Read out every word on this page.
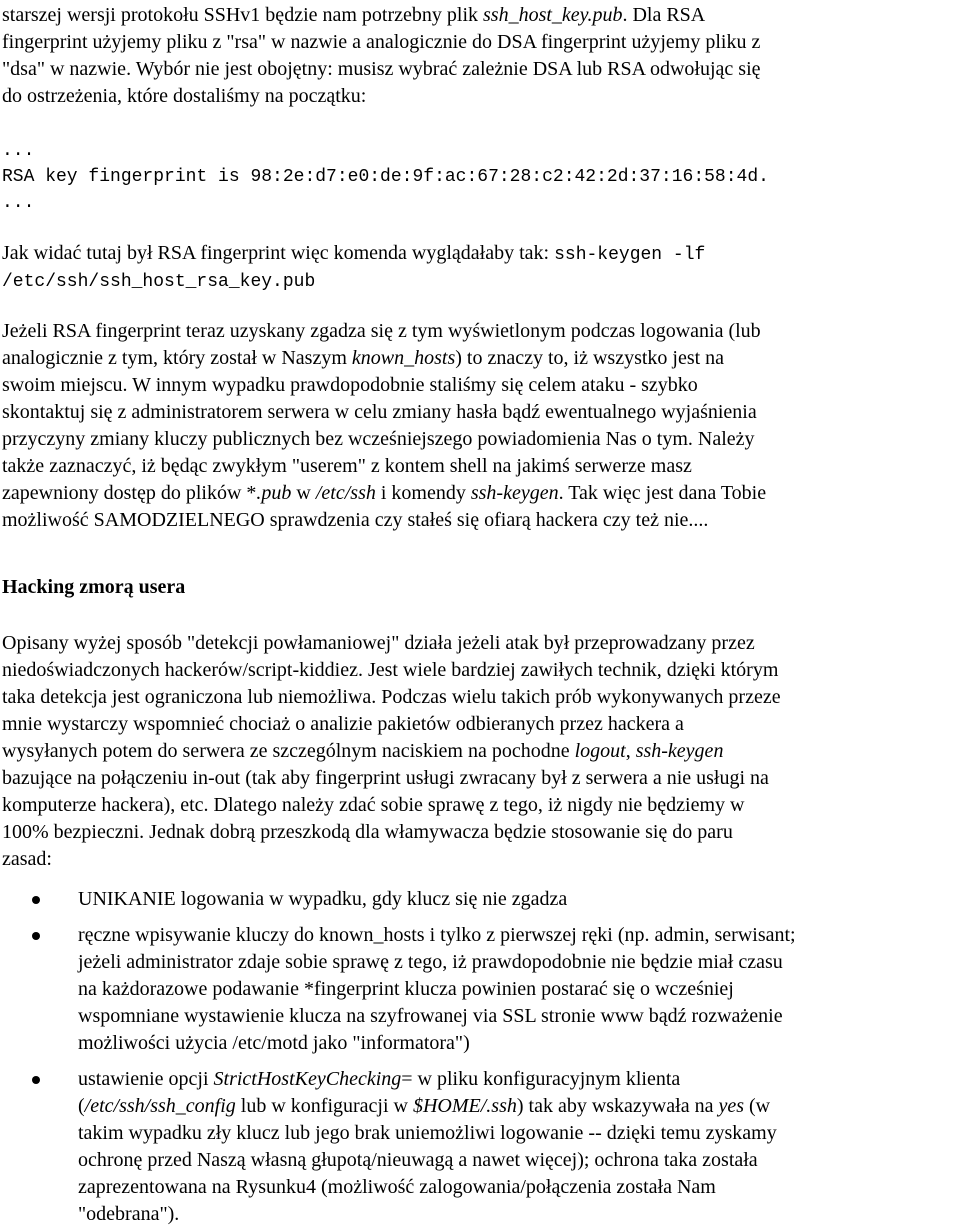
starszej wersji protokołu SSHv1 będzie nam potrzebny plik ssh_host_key.pub. Dla RSA
fingerprint użyjemy pliku z "rsa" w nazwie a analogicznie do DSA fingerprint użyjemy pliku z
"dsa" w nazwie. Wybór nie jest obojętny: musisz wybrać zależnie DSA lub RSA odwołując się
do ostrzeżenia, które dostaliśmy na początku:
...
RSA key fingerprint is 98:2e:d7:e0:de:9f:ac:67:28:c2:42:2d:37:16:58:4d.
...
Jak widać tutaj był RSA fingerprint więc komenda wyglądałaby tak: ssh-keygen -lf
/etc/ssh/ssh_host_rsa_key.pub
Jeżeli RSA fingerprint teraz uzyskany zgadza się z tym wyświetlonym podczas logowania (lub
analogicznie z tym, który został w Naszym known_hosts) to znaczy to, iż wszystko jest na
swoim miejscu. W innym wypadku prawdopodobnie staliśmy się celem ataku - szybko
skontaktuj się z administratorem serwera w celu zmiany hasła bądź ewentualnego wyjaśnienia
przyczyny zmiany kluczy publicznych bez wcześniejszego powiadomienia Nas o tym. Należy
także zaznaczyć, iż będąc zwykłym "userem" z kontem shell na jakimś serwerze masz
zapewniony dostęp do plików *.pub w /etc/ssh i komendy ssh-keygen. Tak więc jest dana Tobie
możliwość SAMODZIELNEGO sprawdzenia czy stałeś się ofiarą hackera czy też nie....
Hacking zmorą usera
Opisany wyżej sposób "detekcji powłamaniowej" działa jeżeli atak był przeprowadzany przez
niedoświadczonych hackerów/script-kiddiez. Jest wiele bardziej zawiłych technik, dzięki którym
taka detekcja jest ograniczona lub niemożliwa. Podczas wielu takich prób wykonywanych przeze
mnie wystarczy wspomnieć chociaż o analizie pakietów odbieranych przez hackera a
wysyłanych potem do serwera ze szczególnym naciskiem na pochodne logout, ssh-keygen
bazujące na połączeniu in-out (tak aby fingerprint usługi zwracany był z serwera a nie usługi na
komputerze hackera), etc. Dlatego należy zdać sobie sprawę z tego, iż nigdy nie będziemy w
100% bezpieczni. Jednak dobrą przeszkodą dla włamywacza będzie stosowanie się do paru
zasad:
UNIKANIE logowania w wypadku, gdy klucz się nie zgadza
ręczne wpisywanie kluczy do known_hosts i tylko z pierwszej ręki (np. admin, serwisant;
jeżeli administrator zdaje sobie sprawę z tego, iż prawdopodobnie nie będzie miał czasu
na każdorazowe podawanie *fingerprint klucza powinien postarać się o wcześniej
wspomniane wystawienie klucza na szyfrowanej via SSL stronie www bądź rozważenie
możliwości użycia /etc/motd jako "informatora")
ustawienie opcji StrictHostKeyChecking= w pliku konfiguracyjnym klienta
(/etc/ssh/ssh_config lub w konfiguracji w $HOME/.ssh) tak aby wskazywała na yes (w
takim wypadku zły klucz lub jego brak uniemożliwi logowanie -- dzięki temu zyskamy
ochronę przed Naszą własną głupotą/nieuwagą a nawet więcej); ochrona taka została
zaprezentowana na Rysunku4 (możliwość zalogowania/połączenia została Nam
"odebrana").
